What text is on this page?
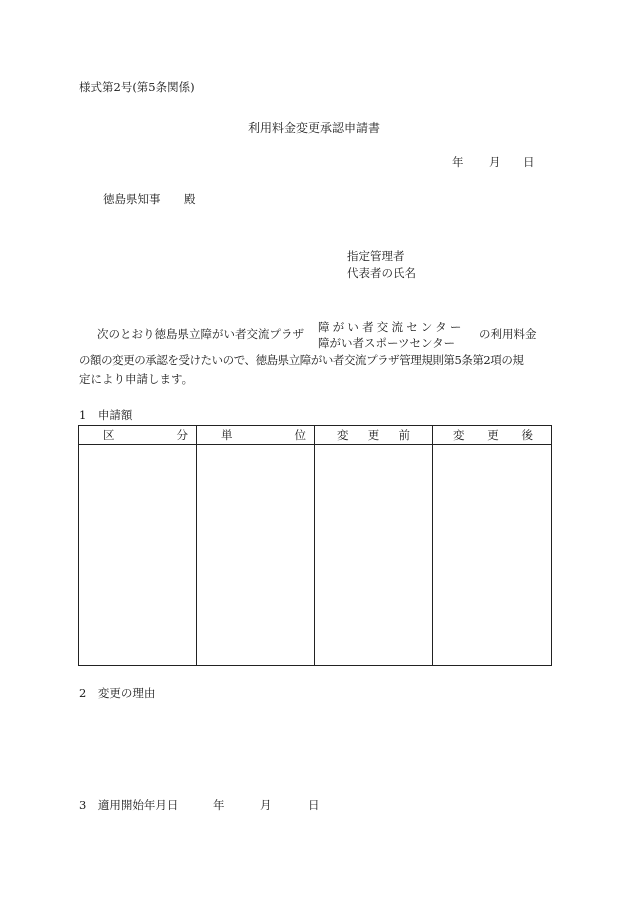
様式第2号(第5条関係)
利用料金変更承認申請書
年 月 日
徳島県知事 殿
指定管理者
代表者の氏名
次のとおり徳島県立障がい者交流プラザ 障がい者交流センター
障がい者スポーツセンター
の利用料金
の額の変更の承認を受けたいので、徳島県立障がい者交流プラザ管理規則第5条第2項の規
定により申請します。
1　申請額
区 分	単 位	変 更 前	変 更 後

2　変更の理由
3　適用開始年月日	年	月	日
